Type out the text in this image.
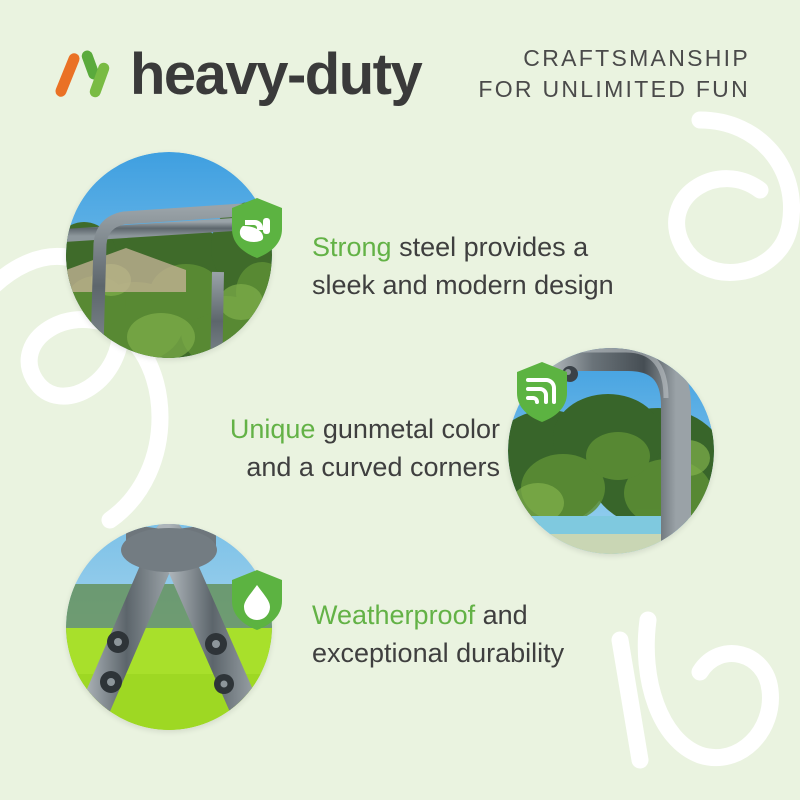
heavy-duty	CRAFTSMANSHIP
FOR UNLIMITED FUN
Strong steel provides a
sleek and modern design
Unique gunmetal color
and a curved corners
Weatherproof and
exceptional durability
